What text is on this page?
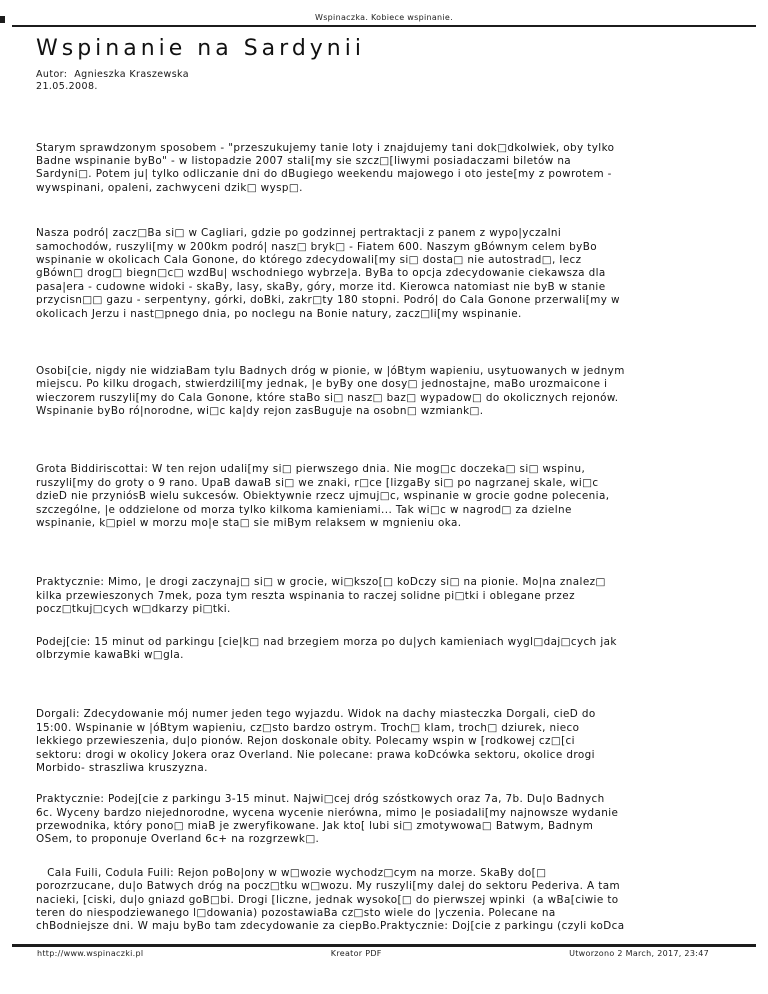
Wspinaczka. Kobiece wspinanie.
Wspinanie na Sardynii
Autor:  Agnieszka Kraszewska
21.05.2008.
Starym sprawdzonym sposobem - "przeszukujemy tanie loty i znajdujemy tani dok□dkolwiek, oby tylko
Badne wspinanie byBo" - w listopadzie 2007 stali[my sie szcz□[liwymi posiadaczami biletów na
Sardyni□. Potem ju| tylko odliczanie dni do dBugiego weekendu majowego i oto jeste[my z powrotem -
wywspinani, opaleni, zachwyceni dzik□ wysp□.
Nasza podró| zacz□Ba si□ w Cagliari, gdzie po godzinnej pertraktacji z panem z wypo|yczalni
samochodów, ruszyli[my w 200km podró| nasz□ bryk□ - Fiatem 600. Naszym gBównym celem byBo
wspinanie w okolicach Cala Gonone, do którego zdecydowali[my si□ dosta□ nie autostrad□, lecz
gBówn□ drog□ biegn□c□ wzdBu| wschodniego wybrze|a. ByBa to opcja zdecydowanie ciekawsza dla
pasa|era - cudowne widoki - skaBy, lasy, skaBy, góry, morze itd. Kierowca natomiast nie byB w stanie
przycisn□□ gazu - serpentyny, górki, doBki, zakr□ty 180 stopni. Podró| do Cala Gonone przerwali[my w
okolicach Jerzu i nast□pnego dnia, po noclegu na Bonie natury, zacz□li[my wspinanie.
Osobi[cie, nigdy nie widziaBam tylu Badnych dróg w pionie, w |óBtym wapieniu, usytuowanych w jednym
miejscu. Po kilku drogach, stwierdzili[my jednak, |e byBy one dosy□ jednostajne, maBo urozmaicone i
wieczorem ruszyli[my do Cala Gonone, które staBo si□ nasz□ baz□ wypadow□ do okolicznych rejonów.
Wspinanie byBo ró|norodne, wi□c ka|dy rejon zasBuguje na osobn□ wzmiank□.
Grota Biddiriscottai: W ten rejon udali[my si□ pierwszego dnia. Nie mog□c doczeka□ si□ wspinu,
ruszyli[my do groty o 9 rano. UpaB dawaB si□ we znaki, r□ce [lizgaBy si□ po nagrzanej skale, wi□c
dzieD nie przyniósB wielu sukcesów. Obiektywnie rzecz ujmuj□c, wspinanie w grocie godne polecenia,
szczególne, |e oddzielone od morza tylko kilkoma kamieniami... Tak wi□c w nagrod□ za dzielne
wspinanie, k□piel w morzu mo|e sta□ sie miBym relaksem w mgnieniu oka.
Praktycznie: Mimo, |e drogi zaczynaj□ si□ w grocie, wi□kszo[□ koDczy si□ na pionie. Mo|na znalez□
kilka przewieszonych 7mek, poza tym reszta wspinania to raczej solidne pi□tki i oblegane przez
pocz□tkuj□cych w□dkarzy pi□tki.
Podej[cie: 15 minut od parkingu [cie|k□ nad brzegiem morza po du|ych kamieniach wygl□daj□cych jak
olbrzymie kawaBki w□gla.
Dorgali: Zdecydowanie mój numer jeden tego wyjazdu. Widok na dachy miasteczka Dorgali, cieD do
15:00. Wspinanie w |óBtym wapieniu, cz□sto bardzo ostrym. Troch□ klam, troch□ dziurek, nieco
lekkiego przewieszenia, du|o pionów. Rejon doskonale obity. Polecamy wspin w [rodkowej cz□[ci
sektoru: drogi w okolicy Jokera oraz Overland. Nie polecane: prawa koDcówka sektoru, okolice drogi
Morbido- straszliwa kruszyzna.
Praktycznie: Podej[cie z parkingu 3-15 minut. Najwi□cej dróg szóstkowych oraz 7a, 7b. Du|o Badnych
6c. Wyceny bardzo niejednorodne, wycena wycenie nierówna, mimo |e posiadali[my najnowsze wydanie
przewodnika, który pono□ miaB je zweryfikowane. Jak kto[ lubi si□ zmotywowa□ Batwym, Badnym
OSem, to proponuje Overland 6c+ na rozgrzewk□.
Cala Fuili, Codula Fuili: Rejon poBo|ony w w□wozie wychodz□cym na morze. SkaBy do[□
porozrzucane, du|o Batwych dróg na pocz□tku w□wozu. My ruszyli[my dalej do sektoru Pederiva. A tam
nacieki, [ciski, du|o gniazd goB□bi. Drogi [liczne, jednak wysoko[□ do pierwszej wpinki  (a wBa[ciwie to
teren do niespodziewanego l□dowania) pozostawiaBa cz□sto wiele do |yczenia. Polecane na
chBodniejsze dni. W maju byBo tam zdecydowanie za ciepBo.Praktycznie: Doj[cie z parkingu (czyli koDca
http://www.wspinaczki.pl	Kreator PDF	Utworzono 2 March, 2017, 23:47
